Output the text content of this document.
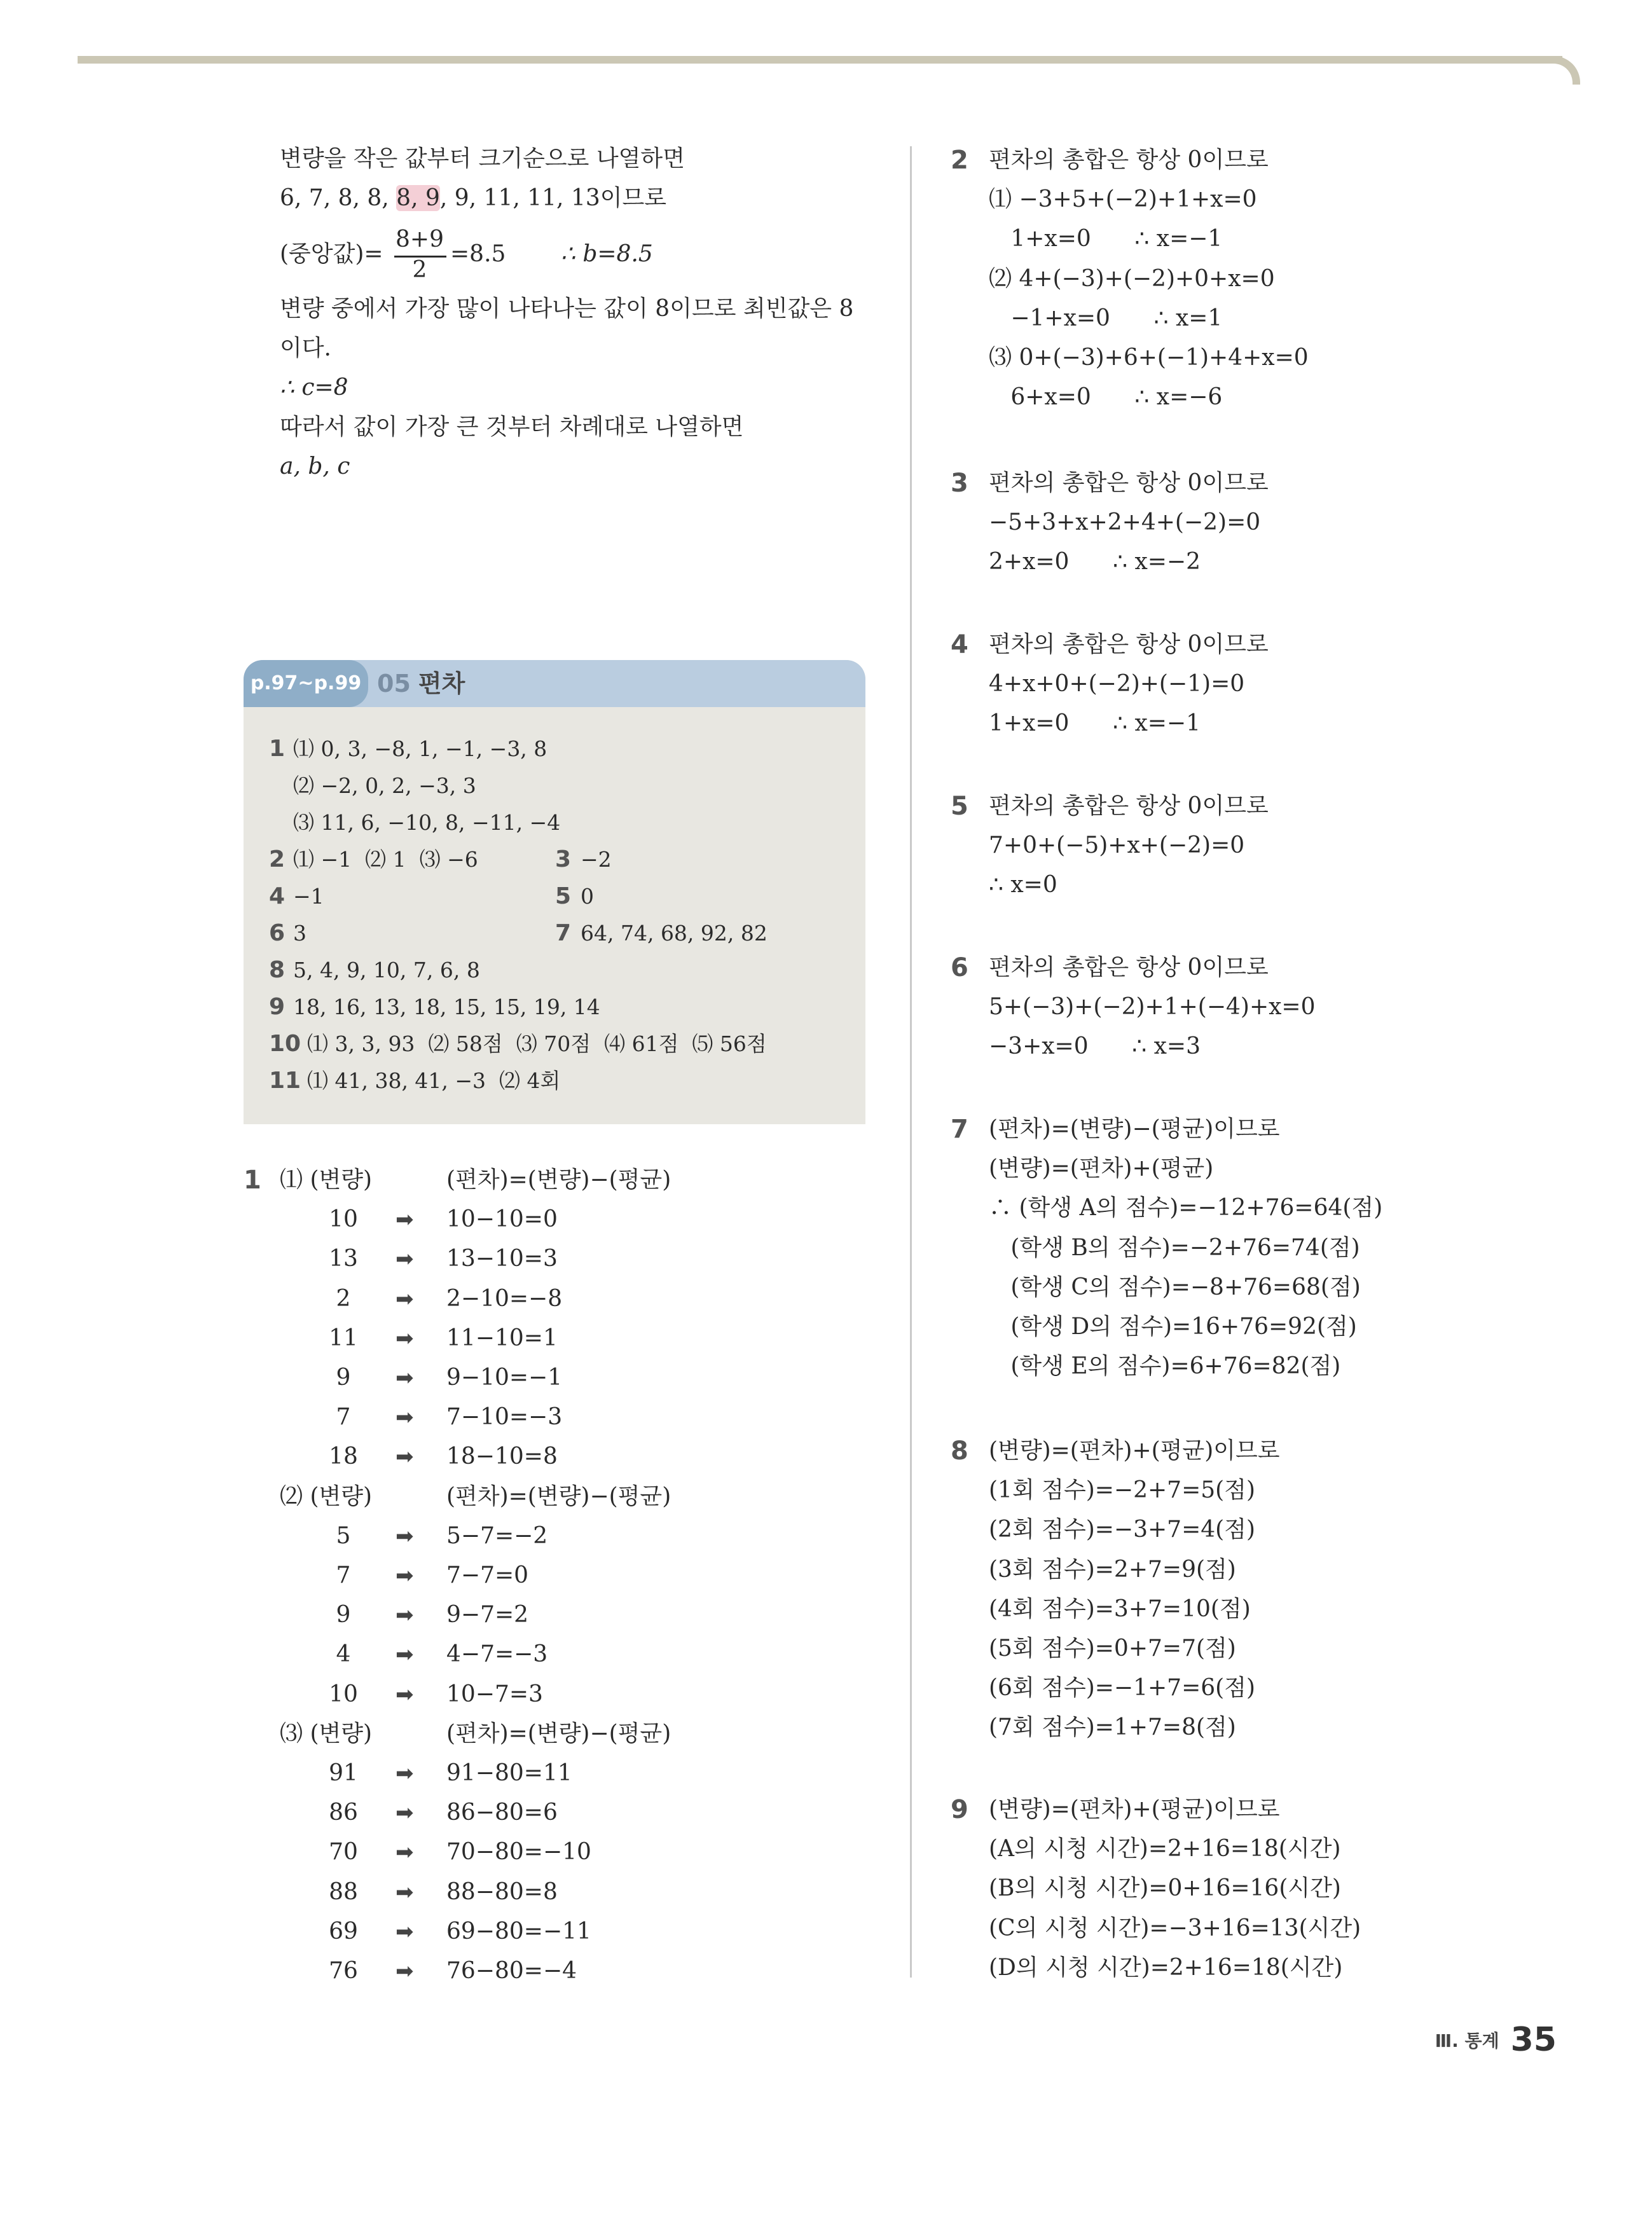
변량을 작은 값부터 크기순으로 나열하면
6, 7, 8, 8, 8, 9, 9, 11, 11, 13이므로
(중앙값)=
8+9
2
=8.5 ∴ b=8.5
변량 중에서 가장 많이 나타나는 값이 8이므로 최빈값은 8
이다.
∴ c=8
따라서 값이 가장 큰 것부터 차례대로 나열하면
a, b, c
p.97~p.99 05 편차
1 ⑴ 0, 3, −8, 1, −1, −3, 8
⑵ −2, 0, 2, −3, 3
⑶ 11, 6, −10, 8, −11, −4
2 ⑴ −1  ⑵ 1  ⑶ −6	3 −2
4 −1	5 0
6 3	7 64, 74, 68, 92, 82
8 5, 4, 9, 10, 7, 6, 8
9 18, 16, 13, 18, 15, 15, 19, 14
10 ⑴ 3, 3, 93  ⑵ 58점  ⑶ 70점  ⑷ 61점  ⑸ 56점
11 ⑴ 41, 38, 41, −3  ⑵ 4회
1 ⑴ (변량)	(편차)=(변량)−(평균)
10	➡ 10−10=0
13	➡ 13−10=3
2	➡ 2−10=−8
11	➡ 11−10=1
9	➡ 9−10=−1
7	➡ 7−10=−3
18	➡ 18−10=8
⑵ (변량)	(편차)=(변량)−(평균)
5	➡ 5−7=−2
7	➡ 7−7=0
9	➡ 9−7=2
4	➡ 4−7=−3
10	➡ 10−7=3
⑶ (변량)	(편차)=(변량)−(평균)
91	➡ 91−80=11
86	➡ 86−80=6
70	➡ 70−80=−10
88	➡ 88−80=8
69	➡ 69−80=−11
76	➡ 76−80=−4
2 편차의 총합은 항상 0이므로
⑴ −3+5+(−2)+1+x=0
1+x=0      ∴ x=−1
⑵ 4+(−3)+(−2)+0+x=0
−1+x=0      ∴ x=1
⑶ 0+(−3)+6+(−1)+4+x=0
6+x=0      ∴ x=−6
3 편차의 총합은 항상 0이므로
−5+3+x+2+4+(−2)=0
2+x=0      ∴ x=−2
4 편차의 총합은 항상 0이므로
4+x+0+(−2)+(−1)=0
1+x=0      ∴ x=−1
5 편차의 총합은 항상 0이므로
7+0+(−5)+x+(−2)=0
∴ x=0
6 편차의 총합은 항상 0이므로
5+(−3)+(−2)+1+(−4)+x=0
−3+x=0      ∴ x=3
7 (편차)=(변량)−(평균)이므로
(변량)=(편차)+(평균)
∴ (학생 A의 점수)=−12+76=64(점)
(학생 B의 점수)=−2+76=74(점)
(학생 C의 점수)=−8+76=68(점)
(학생 D의 점수)=16+76=92(점)
(학생 E의 점수)=6+76=82(점)
8 (변량)=(편차)+(평균)이므로
(1회 점수)=−2+7=5(점)
(2회 점수)=−3+7=4(점)
(3회 점수)=2+7=9(점)
(4회 점수)=3+7=10(점)
(5회 점수)=0+7=7(점)
(6회 점수)=−1+7=6(점)
(7회 점수)=1+7=8(점)
9 (변량)=(편차)+(평균)이므로
(A의 시청 시간)=2+16=18(시간)
(B의 시청 시간)=0+16=16(시간)
(C의 시청 시간)=−3+16=13(시간)
(D의 시청 시간)=2+16=18(시간)
Ⅲ. 통계 35
